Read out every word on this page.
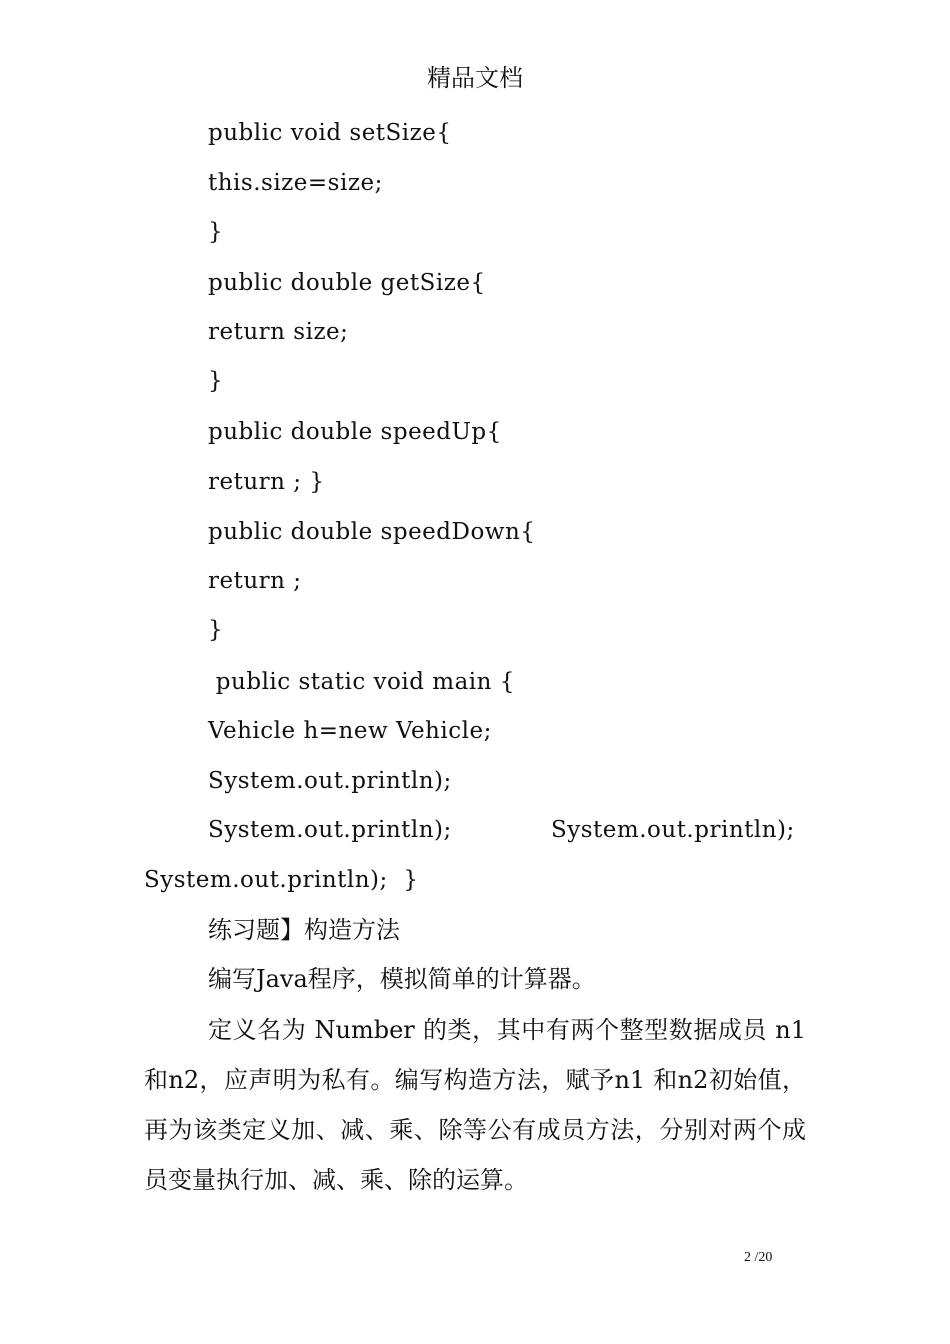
精品文档
public void setSize{
this.size=size;
}
public double getSize{
return size;
}
public double speedUp{
return ; }
public double speedDown{
return ;
}
public static void main {
Vehicle h=new Vehicle;
System.out.println);
System.out.println);	System.out.println);
System.out.println);  }
练习题】构造方法
编写Java程序，模拟简单的计算器。
定义名为 Number 的类，其中有两个整型数据成员 n1 和n2，应声明为私有。编写构造方法，赋予n1 和n2初始值，再为该类定义加、减、乘、除等公有成员方法，分别对两个成员变量执行加、减、乘、除的运算。
2 /20
